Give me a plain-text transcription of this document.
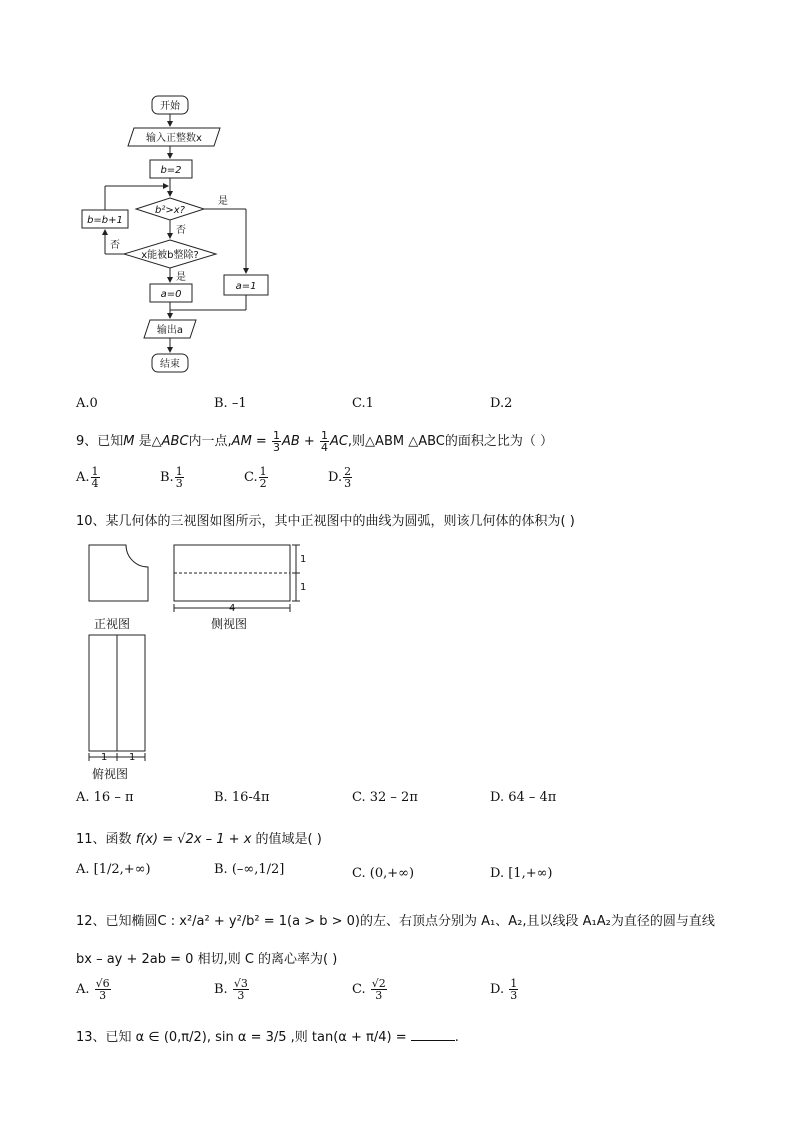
开始
输入正整数x
b=2
b²>x?
是
否
x能被b整除?
否
是
a=0
a=1
b=b+1
输出a
结束
A.0	B. –1	C.1	D.2
9、已知M 是△ABC内一点$,AM = \frac{1}{3}$ AB + $\frac{1}{4}$ AC,则△ABM △ABC的面积之比为（ ）
A. $\frac{1}{4}$	B. $\frac{1}{3}$	C. $\frac{1}{2}$	D. $\frac{2}{3}$
10、某几何体的三视图如图所示，其中正视图中的曲线为圆弧，则该几何体的体积为( )
1
1
4
1 1
正视图	侧视图
俯视图
A. 16 – π	B. 16-4π	C. 32 – 2π	D. 64 – 4π
11、函数 f(x) = √2x – 1 + x 的值域是( )
A. [1/2,+∞)	B. (–∞,1/2]	C. (0,+∞)	D. [1,+∞)
12、已知椭圆C : x²/a² + y²/b² = 1(a > b > 0)的左、右顶点分别为 A₁、A₂,且以线段 A₁A₂为直径的圆与直线
bx – ay + 2ab = 0 相切,则 C 的离心率为( )
A. $\frac{√6}{3}$	B. $\frac{√3}{3}$	C. $\frac{√2}{3}$	D. $\frac{1}{3}$
13、已知 α ∈ (0,π/2), sin α = 3/5 ,则 tan(α + π/4) =	.
